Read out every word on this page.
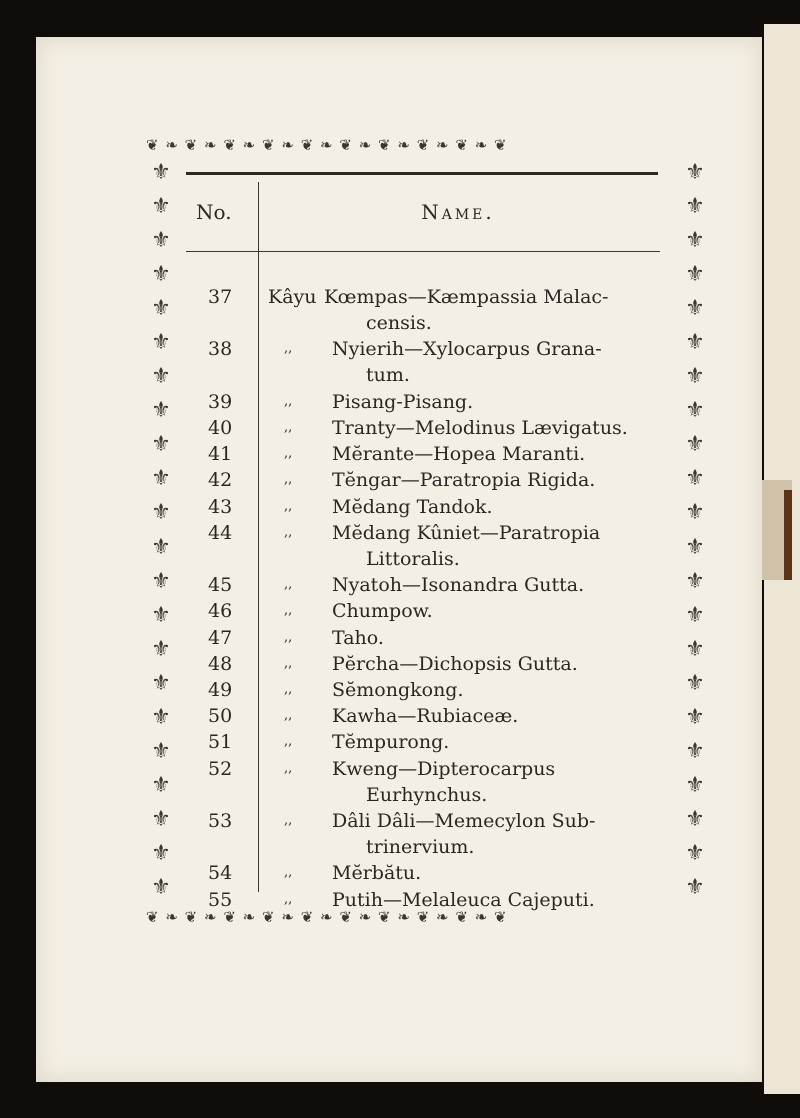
❦ ❧ ❦ ❧ ❦ ❧ ❦ ❧ ❦ ❧ ❦ ❧ ❦ ❧ ❦ ❧ ❦ ❧ ❦
❦ ❧ ❦ ❧ ❦ ❧ ❦ ❧ ❦ ❧ ❦ ❧ ❦ ❧ ❦ ❧ ❦ ❧ ❦
⚜
⚜
⚜
⚜
⚜
⚜
⚜
⚜
⚜
⚜
⚜
⚜
⚜
⚜
⚜
⚜
⚜
⚜
⚜
⚜
⚜
⚜
⚜
⚜
⚜
⚜
⚜
⚜
⚜
⚜
⚜
⚜
⚜
⚜
⚜
⚜
⚜
⚜
⚜
⚜
⚜
⚜
⚜
⚜
No.	Name.
37 Kâyu Kœmpas—Kæmpassia Malac-
censis.
38	,, Nyierih—Xylocarpus Grana-
tum.
39	,, Pisang-Pisang.
40	,, Tranty—Melodinus Lævigatus.
41	,, Mĕrante—Hopea Maranti.
42	,, Tĕngar—Paratropia Rigida.
43	,, Mĕdang Tandok.
44	,, Mĕdang Kûniet—Paratropia
Littoralis.
45	,, Nyatoh—Isonandra Gutta.
46	,, Chumpow.
47	,, Taho.
48	,, Pĕrcha—Dichopsis Gutta.
49	,, Sĕmongkong.
50	,, Kawha—Rubiaceæ.
51	,, Tĕmpurong.
52	,, Kweng—Dipterocarpus
Eurhynchus.
53	,, Dâli Dâli—Memecylon Sub-
trinervium.
54	,, Mĕrbătu.
55	,, Putih—Melaleuca Cajeputi.
